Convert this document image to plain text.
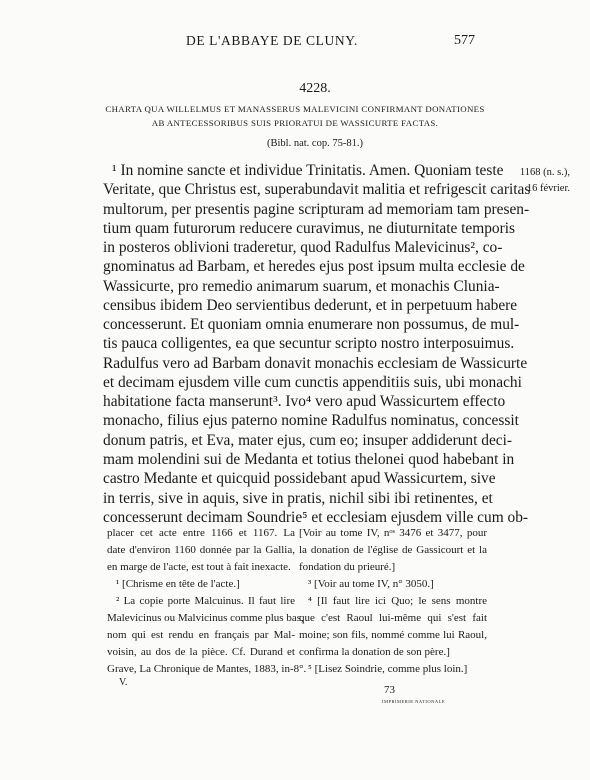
DE L'ABBAYE DE CLUNY.	577
4228.
CHARTA QUA WILLELMUS ET MANASSERUS MALEVICINI CONFIRMANT DONATIONES
AB ANTECESSORIBUS SUIS PRIORATUI DE WASSICURTE FACTAS.
(Bibl. nat. cop. 75-81.)
1168 (n. s.),
16 février.
¹ In nomine sancte et individue Trinitatis. Amen. Quoniam teste
Veritate, que Christus est, superabundavit malitia et refrigescit caritas
multorum, per presentis pagine scripturam ad memoriam tam presen-
tium quam futurorum reducere curavimus, ne diuturnitate temporis
in posteros oblivioni traderetur, quod Radulfus Malevicinus², co-
gnominatus ad Barbam, et heredes ejus post ipsum multa ecclesie de
Wassicurte, pro remedio animarum suarum, et monachis Clunia-
censibus ibidem Deo servientibus dederunt, et in perpetuum habere
concesserunt. Et quoniam omnia enumerare non possumus, de mul-
tis pauca colligentes, ea que secuntur scripto nostro interposuimus.
Radulfus vero ad Barbam donavit monachis ecclesiam de Wassicurte
et decimam ejusdem ville cum cunctis appenditiis suis, ubi monachi
habitatione facta manserunt³. Ivo⁴ vero apud Wassicurtem effecto
monacho, filius ejus paterno nomine Radulfus nominatus, concessit
donum patris, et Eva, mater ejus, cum eo; insuper addiderunt deci-
mam molendini sui de Medanta et totius thelonei quod habebant in
castro Medante et quicquid possidebant apud Wassicurtem, sive
in terris, sive in aquis, sive in pratis, nichil sibi ibi retinentes, et
concesserunt decimam Soundrie⁵ et ecclesiam ejusdem ville cum ob-
placer cet acte entre 1166 et 1167. La
date d'environ 1160 donnée par la Gallia,
en marge de l'acte, est tout à fait inexacte.
¹ [Chrisme en tête de l'acte.]
² La copie porte Malcuinus. Il faut lire
Malevicinus ou Malvicinus comme plus bas,
nom qui est rendu en français par Mal-
voisin, au dos de la pièce. Cf. Durand et
Grave, La Chronique de Mantes, 1883, in-8°.
[Voir au tome IV, nᵒˢ 3476 et 3477, pour
la donation de l'église de Gassicourt et la
fondation du prieuré.]
³ [Voir au tome IV, n° 3050.]
⁴ [Il faut lire ici Quo; le sens montre
que c'est Raoul lui-même qui s'est fait
moine; son fils, nommé comme lui Raoul,
confirma la donation de son père.]
⁵ [Lisez Soindrie, comme plus loin.]
V.
73
IMPRIMERIE NATIONALE
